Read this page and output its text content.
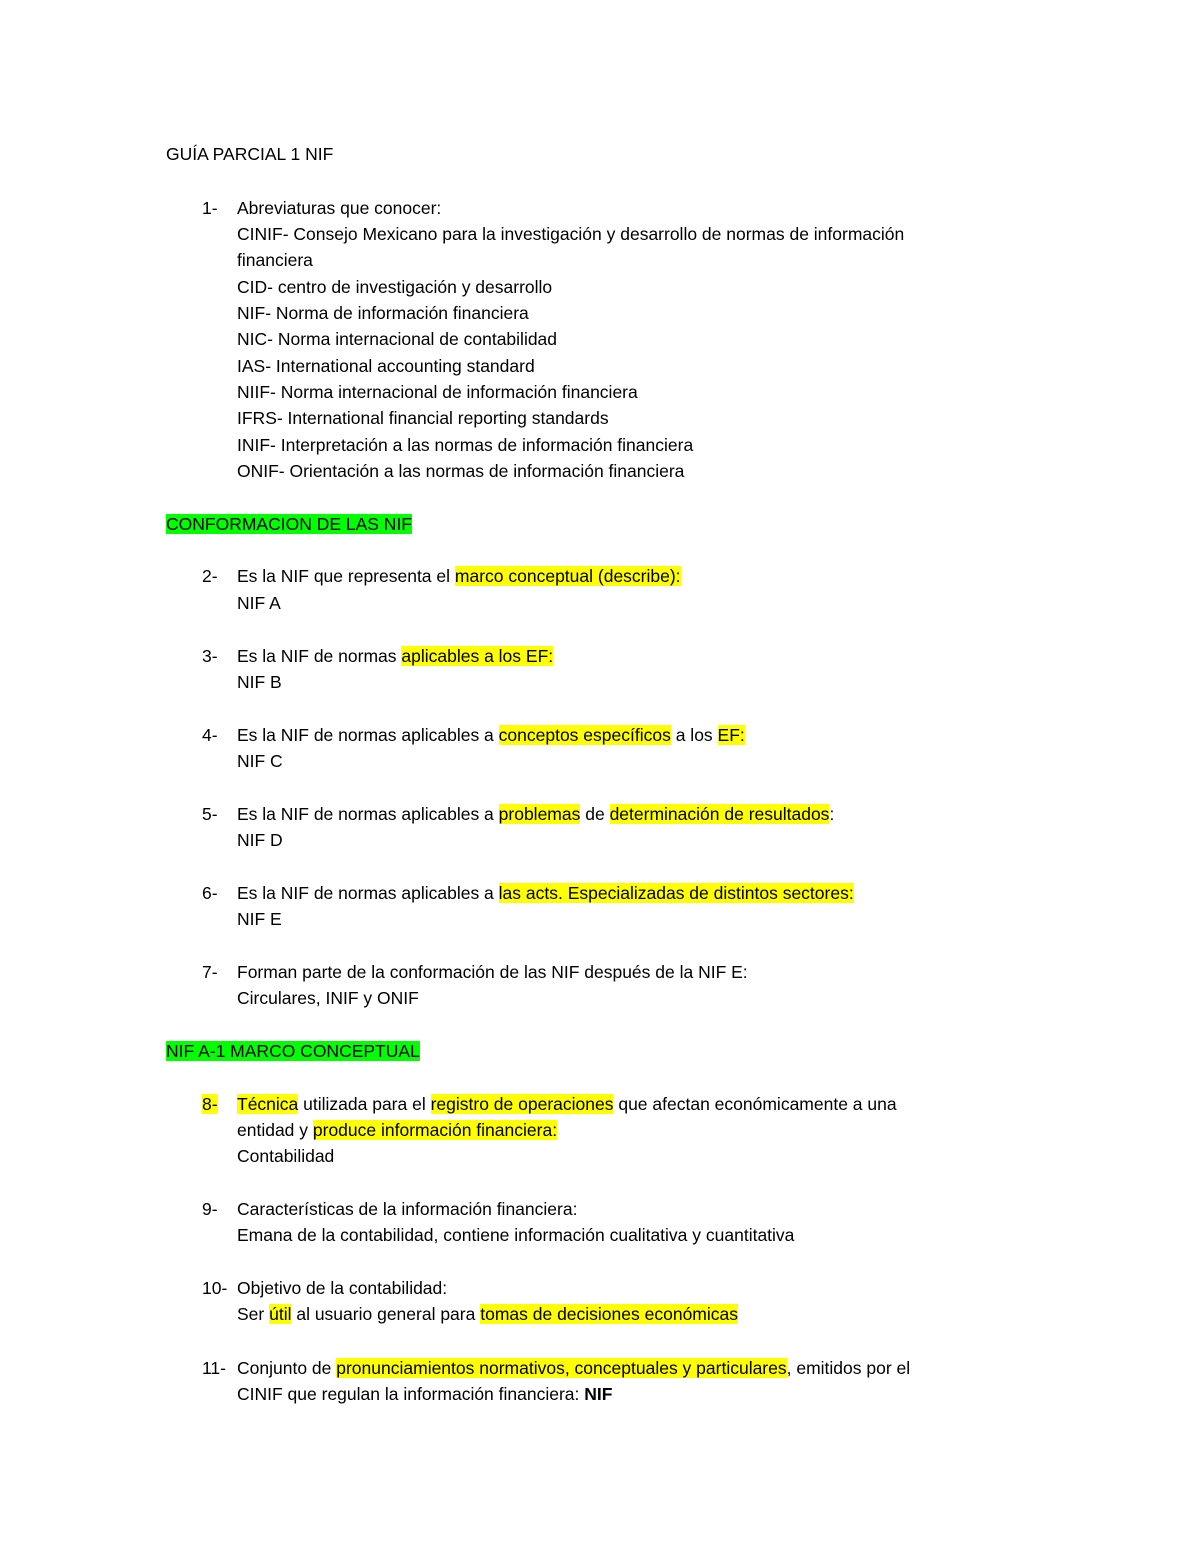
GUÍA PARCIAL 1 NIF
1- Abreviaturas que conocer:
CINIF- Consejo Mexicano para la investigación y desarrollo de normas de información
financiera
CID- centro de investigación y desarrollo
NIF- Norma de información financiera
NIC- Norma internacional de contabilidad
IAS- International accounting standard
NIIF- Norma internacional de información financiera
IFRS- International financial reporting standards
INIF- Interpretación a las normas de información financiera
ONIF- Orientación a las normas de información financiera
CONFORMACION DE LAS NIF
2- Es la NIF que representa el marco conceptual (describe):
NIF A
3- Es la NIF de normas aplicables a los EF:
NIF B
4- Es la NIF de normas aplicables a conceptos específicos a los EF:
NIF C
5- Es la NIF de normas aplicables a problemas de determinación de resultados:
NIF D
6- Es la NIF de normas aplicables a las acts. Especializadas de distintos sectores:
NIF E
7- Forman parte de la conformación de las NIF después de la NIF E:
Circulares, INIF y ONIF
NIF A-1 MARCO CONCEPTUAL
8- Técnica utilizada para el registro de operaciones que afectan económicamente a una
entidad y produce información financiera:
Contabilidad
9- Características de la información financiera:
Emana de la contabilidad, contiene información cualitativa y cuantitativa
10- Objetivo de la contabilidad:
Ser útil al usuario general para tomas de decisiones económicas
11- Conjunto de pronunciamientos normativos, conceptuales y particulares, emitidos por el
CINIF que regulan la información financiera: NIF
